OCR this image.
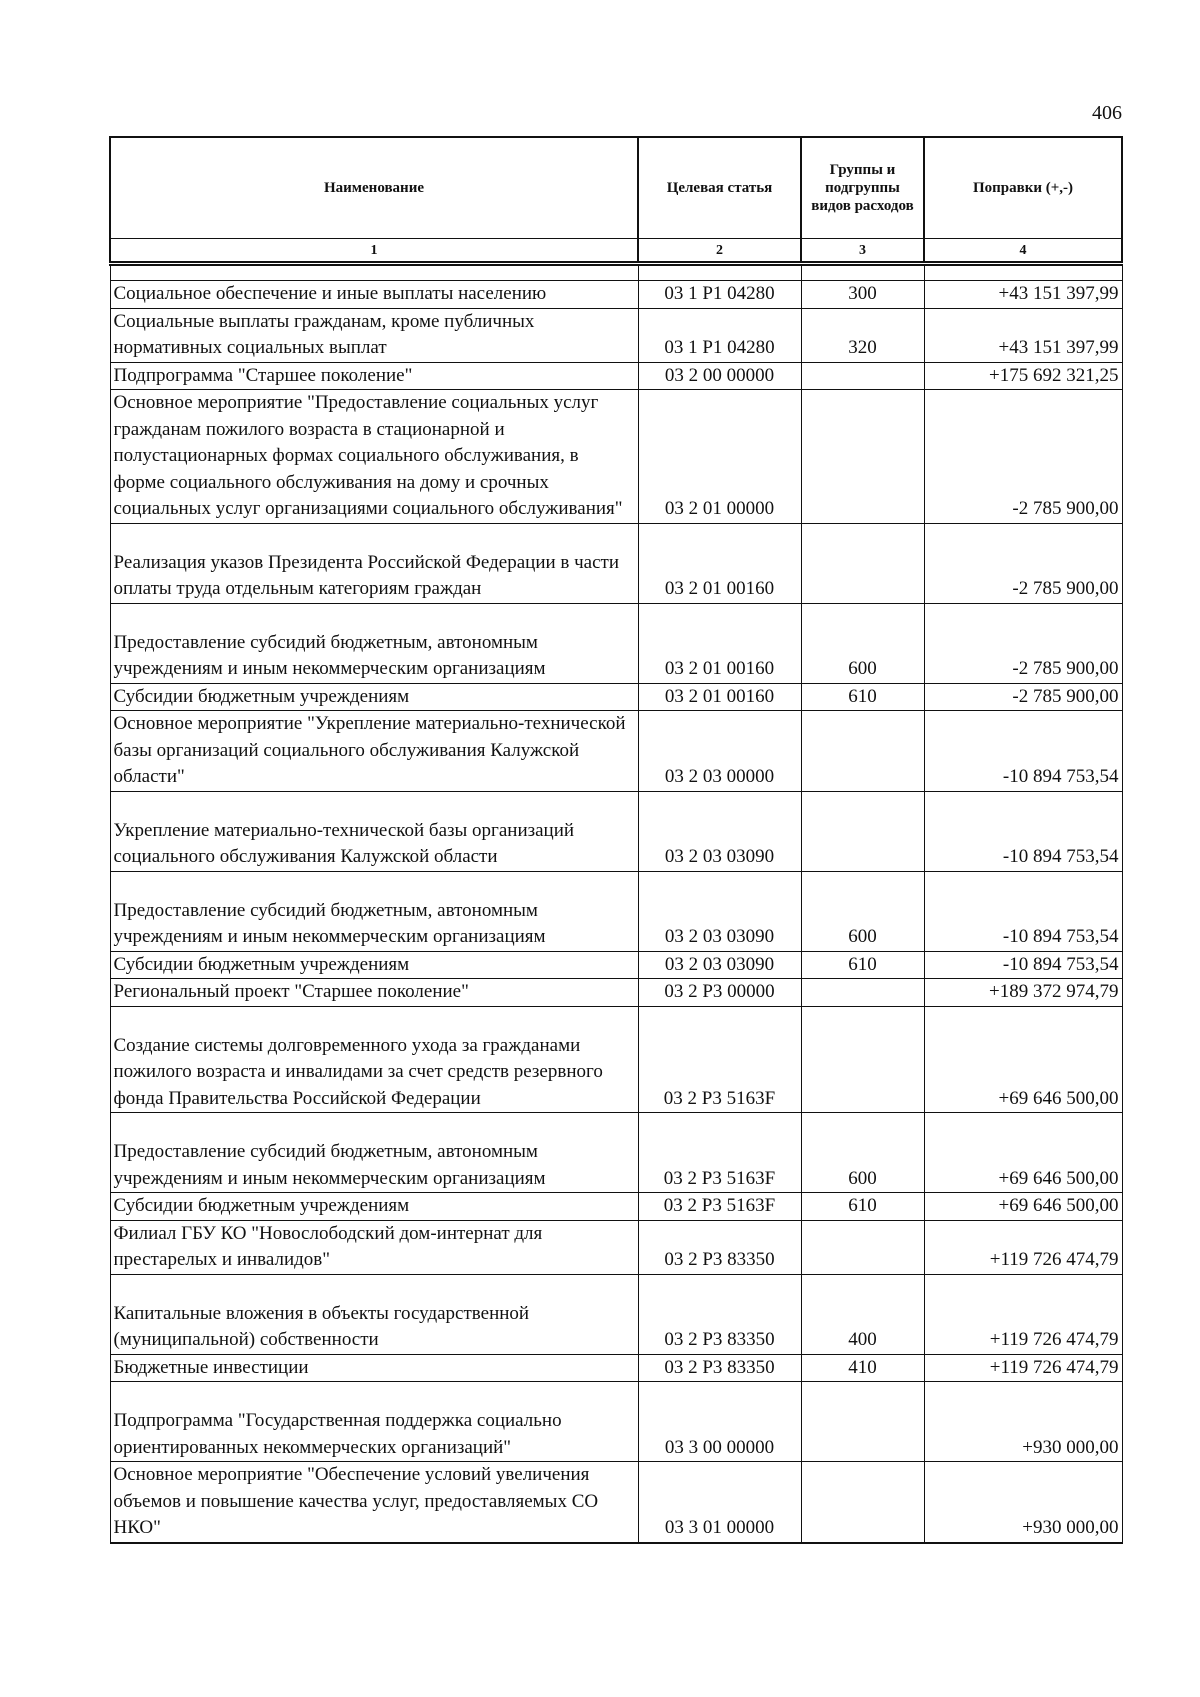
406
Наименование	Целевая статья	Группы и подгруппы видов расходов	Поправки (+,-)
1	2	3	4

Социальное обеспечение и иные выплаты населению	03 1 P1 04280	300	+43 151 397,99
Социальные выплаты гражданам, кроме публичных нормативных социальных выплат	03 1 P1 04280	320	+43 151 397,99
Подпрограмма "Старшее поколение"	03 2 00 00000		+175 692 321,25
Основное мероприятие "Предоставление социальных услуг гражданам пожилого возраста в стационарной и полустационарных формах социального обслуживания, в форме социального обслуживания на дому и срочных социальных услуг организациями социального обслуживания"	03 2 01 00000		-2 785 900,00

Реализация указов Президента Российской Федерации в части оплаты труда отдельным категориям граждан	03 2 01 00160		-2 785 900,00

Предоставление субсидий бюджетным, автономным учреждениям и иным некоммерческим организациям	03 2 01 00160	600	-2 785 900,00
Субсидии бюджетным учреждениям	03 2 01 00160	610	-2 785 900,00
Основное мероприятие "Укрепление материально-технической базы организаций социального обслуживания Калужской области"	03 2 03 00000		-10 894 753,54

Укрепление материально-технической базы организаций социального обслуживания Калужской области	03 2 03 03090		-10 894 753,54

Предоставление субсидий бюджетным, автономным учреждениям и иным некоммерческим организациям	03 2 03 03090	600	-10 894 753,54
Субсидии бюджетным учреждениям	03 2 03 03090	610	-10 894 753,54
Региональный проект "Старшее поколение"	03 2 P3 00000		+189 372 974,79

Создание системы долговременного ухода за гражданами пожилого возраста и инвалидами за счет средств резервного фонда Правительства Российской Федерации	03 2 P3 5163F		+69 646 500,00

Предоставление субсидий бюджетным, автономным учреждениям и иным некоммерческим организациям	03 2 P3 5163F	600	+69 646 500,00
Субсидии бюджетным учреждениям	03 2 P3 5163F	610	+69 646 500,00
Филиал ГБУ КО "Новослободский дом-интернат для престарелых и инвалидов"	03 2 P3 83350		+119 726 474,79

Капитальные вложения в объекты государственной (муниципальной) собственности	03 2 P3 83350	400	+119 726 474,79
Бюджетные инвестиции	03 2 P3 83350	410	+119 726 474,79

Подпрограмма "Государственная поддержка социально ориентированных некоммерческих организаций"	03 3 00 00000		+930 000,00
Основное мероприятие "Обеспечение условий увеличения объемов и повышение качества услуг, предоставляемых СО НКО"	03 3 01 00000		+930 000,00
